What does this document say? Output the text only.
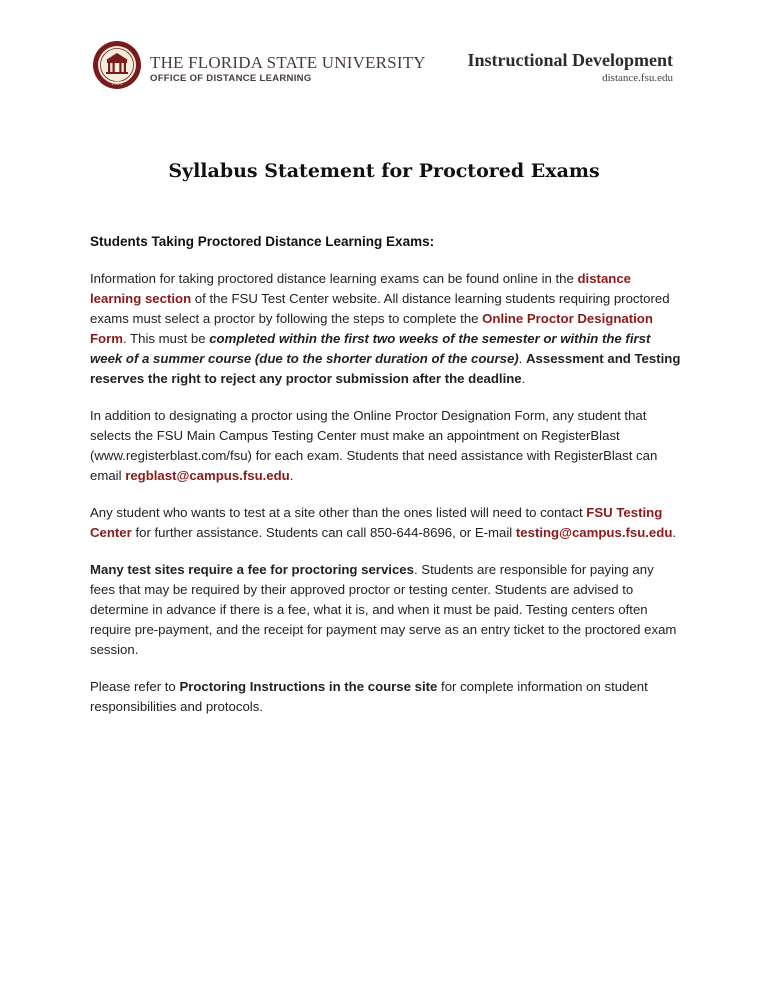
1851
THE FLORIDA STATE UNIVERSITY
OFFICE OF DISTANCE LEARNING
Instructional Development
distance.fsu.edu
Syllabus Statement for Proctored Exams
Students Taking Proctored Distance Learning Exams:

Information for taking proctored distance learning exams can be found online in the distance learning section of the FSU Test Center website. All distance learning students requiring proctored exams must select a proctor by following the steps to complete the Online Proctor Designation Form. This must be completed within the first two weeks of the semester or within the first week of a summer course (due to the shorter duration of the course). Assessment and Testing reserves the right to reject any proctor submission after the deadline.

In addition to designating a proctor using the Online Proctor Designation Form, any student that selects the FSU Main Campus Testing Center must make an appointment on RegisterBlast (www.registerblast.com/fsu) for each exam. Students that need assistance with RegisterBlast can email regblast@campus.fsu.edu.

Any student who wants to test at a site other than the ones listed will need to contact FSU Testing Center for further assistance. Students can call 850-644-8696, or E-mail testing@campus.fsu.edu.

Many test sites require a fee for proctoring services. Students are responsible for paying any fees that may be required by their approved proctor or testing center. Students are advised to determine in advance if there is a fee, what it is, and when it must be paid. Testing centers often require pre-payment, and the receipt for payment may serve as an entry ticket to the proctored exam session.

Please refer to Proctoring Instructions in the course site for complete information on student responsibilities and protocols.
